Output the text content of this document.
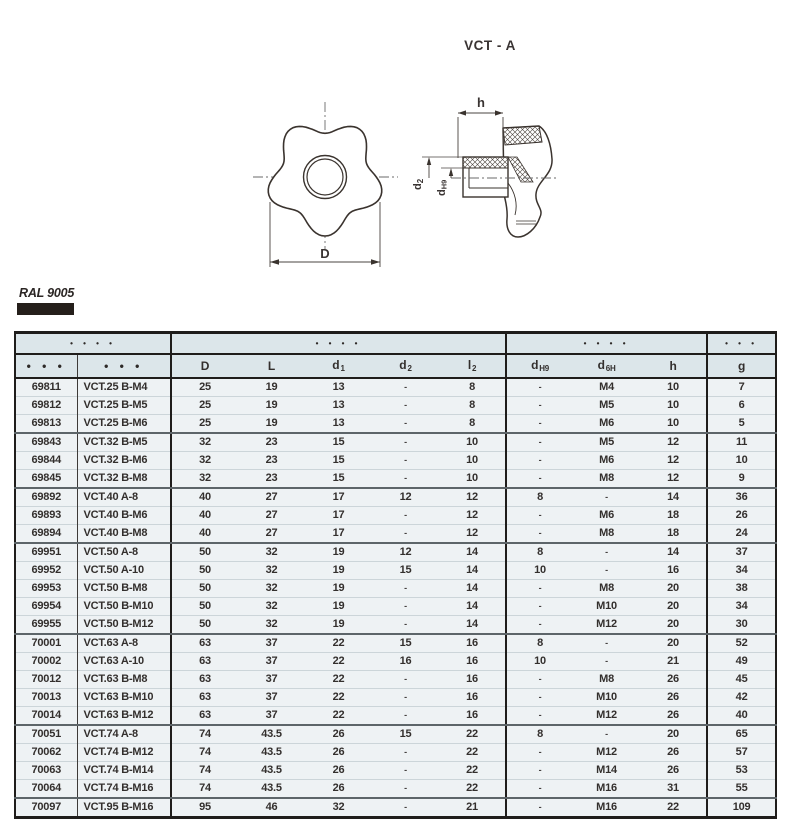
VCT - A
D
h
d2
dH9
RAL 9005
• • • •		• • • •					• • • •			• • •
• • •	• • •	D	L	$d_1$	$d_2$	$l_2$	$d_{H9}$	$d_{6H}$	h	g
69811	VCT.25 B-M4	25	19	13	-	8	-	M4	10	7
69812	VCT.25 B-M5	25	19	13	-	8	-	M5	10	6
69813	VCT.25 B-M6	25	19	13	-	8	-	M6	10	5
69843	VCT.32 B-M5	32	23	15	-	10	-	M5	12	11
69844	VCT.32 B-M6	32	23	15	-	10	-	M6	12	10
69845	VCT.32 B-M8	32	23	15	-	10	-	M8	12	9
69892	VCT.40 A-8	40	27	17	12	12	8	-	14	36
69893	VCT.40 B-M6	40	27	17	-	12	-	M6	18	26
69894	VCT.40 B-M8	40	27	17	-	12	-	M8	18	24
69951	VCT.50 A-8	50	32	19	12	14	8	-	14	37
69952	VCT.50 A-10	50	32	19	15	14	10	-	16	34
69953	VCT.50 B-M8	50	32	19	-	14	-	M8	20	38
69954	VCT.50 B-M10	50	32	19	-	14	-	M10	20	34
69955	VCT.50 B-M12	50	32	19	-	14	-	M12	20	30
70001	VCT.63 A-8	63	37	22	15	16	8	-	20	52
70002	VCT.63 A-10	63	37	22	16	16	10	-	21	49
70012	VCT.63 B-M8	63	37	22	-	16	-	M8	26	45
70013	VCT.63 B-M10	63	37	22	-	16	-	M10	26	42
70014	VCT.63 B-M12	63	37	22	-	16	-	M12	26	40
70051	VCT.74 A-8	74	43.5	26	15	22	8	-	20	65
70062	VCT.74 B-M12	74	43.5	26	-	22	-	M12	26	57
70063	VCT.74 B-M14	74	43.5	26	-	22	-	M14	26	53
70064	VCT.74 B-M16	74	43.5	26	-	22	-	M16	31	55
70097	VCT.95 B-M16	95	46	32	-	21	-	M16	22	109
